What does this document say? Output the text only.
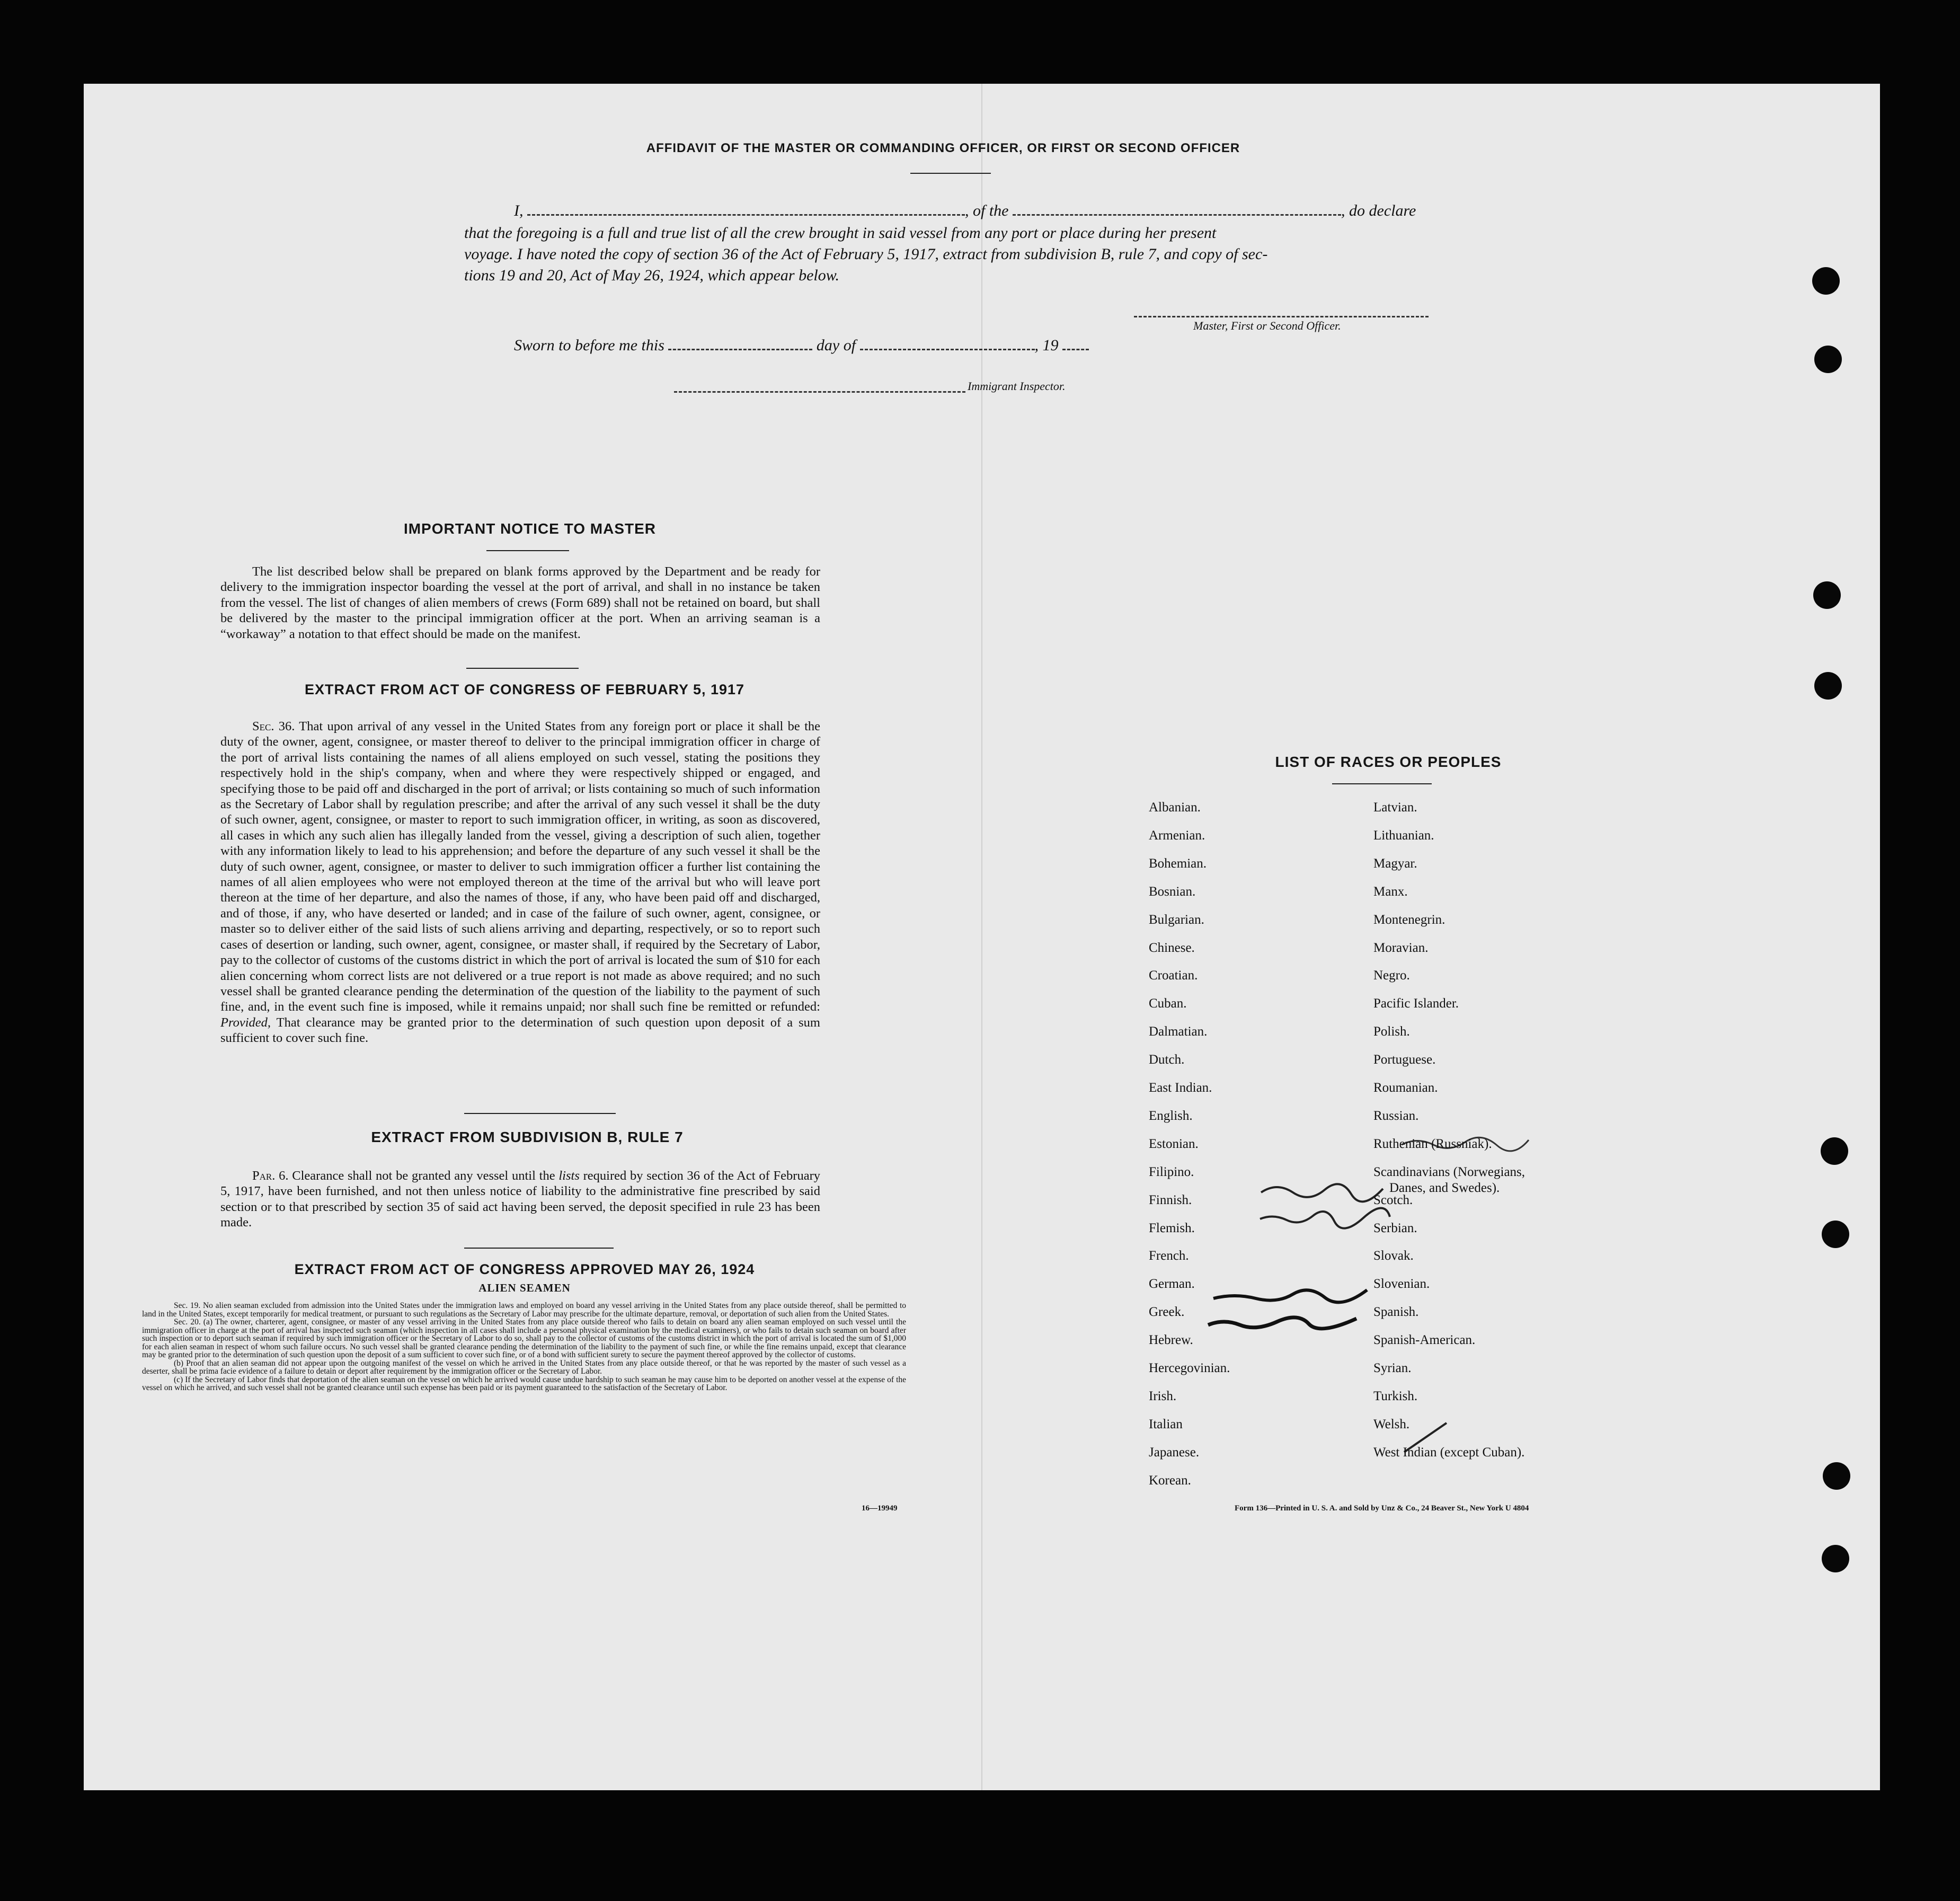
AFFIDAVIT OF THE MASTER OR COMMANDING OFFICER, OR FIRST OR SECOND OFFICER
I,	, of the	, do declare
that the foregoing is a full and true list of all the crew brought in said vessel from any port or place during her present
voyage. I have noted the copy of section 36 of the Act of February 5, 1917, extract from subdivision B, rule 7, and copy of sec-
tions 19 and 20, Act of May 26, 1924, which appear below.
Master, First or Second Officer.
Sworn to before me this	day of	, 19
Immigrant Inspector.
IMPORTANT NOTICE TO MASTER

The list described below shall be prepared on blank forms approved by the Department and be ready for delivery to the immigration inspector boarding the vessel at the port of arrival, and shall in no instance be taken from the vessel. The list of changes of alien members of crews (Form 689) shall not be retained on board, but shall be delivered by the master to the principal immigration officer at the port. When an arriving seaman is a “workaway” a notation to that effect should be made on the manifest.

EXTRACT FROM ACT OF CONGRESS OF FEBRUARY 5, 1917

Sec. 36. That upon arrival of any vessel in the United States from any foreign port or place it shall be the duty of the owner, agent, consignee, or master thereof to deliver to the principal immigration officer in charge of the port of arrival lists containing the names of all aliens employed on such vessel, stating the positions they respectively hold in the ship's company, when and where they were respectively shipped or engaged, and specifying those to be paid off and discharged in the port of arrival; or lists containing so much of such information as the Secretary of Labor shall by regulation prescribe; and after the arrival of any such vessel it shall be the duty of such owner, agent, consignee, or master to report to such immigration officer, in writing, as soon as discovered, all cases in which any such alien has illegally landed from the vessel, giving a description of such alien, together with any information likely to lead to his apprehension; and before the departure of any such vessel it shall be the duty of such owner, agent, consignee, or master to deliver to such immigration officer a further list containing the names of all alien employees who were not employed thereon at the time of the arrival but who will leave port thereon at the time of her departure, and also the names of those, if any, who have been paid off and discharged, and of those, if any, who have deserted or landed; and in case of the failure of such owner, agent, consignee, or master so to deliver either of the said lists of such aliens arriving and departing, respectively, or so to report such cases of desertion or landing, such owner, agent, consignee, or master shall, if required by the Secretary of Labor, pay to the collector of customs of the customs district in which the port of arrival is located the sum of $10 for each alien concerning whom correct lists are not delivered or a true report is not made as above required; and no such vessel shall be granted clearance pending the determination of the question of the liability to the payment of such fine, and, in the event such fine is imposed, while it remains unpaid; nor shall such fine be remitted or refunded: Provided, That clearance may be granted prior to the determination of such question upon deposit of a sum sufficient to cover such fine.

EXTRACT FROM SUBDIVISION B, RULE 7

Par. 6. Clearance shall not be granted any vessel until the lists required by section 36 of the Act of February 5, 1917, have been furnished, and not then unless notice of liability to the administrative fine prescribed by said section or to that prescribed by section 35 of said act having been served, the deposit specified in rule 23 has been made.

EXTRACT FROM ACT OF CONGRESS APPROVED MAY 26, 1924
ALIEN SEAMEN

Sec. 19. No alien seaman excluded from admission into the United States under the immigration laws and employed on board any vessel arriving in the United States from any place outside thereof, shall be permitted to land in the United States, except temporarily for medical treatment, or pursuant to such regulations as the Secretary of Labor may prescribe for the ultimate departure, removal, or deportation of such alien from the United States.

Sec. 20. (a) The owner, charterer, agent, consignee, or master of any vessel arriving in the United States from any place outside thereof who fails to detain on board any alien seaman employed on such vessel until the immigration officer in charge at the port of arrival has inspected such seaman (which inspection in all cases shall include a personal physical examination by the medical examiners), or who fails to detain such seaman on board after such inspection or to deport such seaman if required by such immigration officer or the Secretary of Labor to do so, shall pay to the collector of customs of the customs district in which the port of arrival is located the sum of $1,000 for each alien seaman in respect of whom such failure occurs. No such vessel shall be granted clearance pending the determination of the liability to the payment of such fine, or while the fine remains unpaid, except that clearance may be granted prior to the determination of such question upon the deposit of a sum sufficient to cover such fine, or of a bond with sufficient surety to secure the payment thereof approved by the collector of customs.

(b) Proof that an alien seaman did not appear upon the outgoing manifest of the vessel on which he arrived in the United States from any place outside thereof, or that he was reported by the master of such vessel as a deserter, shall be prima facie evidence of a failure to detain or deport after requirement by the immigration officer or the Secretary of Labor.

(c) If the Secretary of Labor finds that deportation of the alien seaman on the vessel on which he arrived would cause undue hardship to such seaman he may cause him to be deported on another vessel at the expense of the vessel on which he arrived, and such vessel shall not be granted clearance until such expense has been paid or its payment guaranteed to the satisfaction of the Secretary of Labor.

16—19949
LIST OF RACES OR PEOPLES
Form 136—Printed in U. S. A. and Sold by Unz & Co., 24 Beaver St., New York U 4804
Albanian.
Armenian.
Bohemian.
Bosnian.
Bulgarian.
Chinese.
Croatian.
Cuban.
Dalmatian.
Dutch.
East Indian.
English.
Estonian.
Filipino.
Finnish.
Flemish.
French.
German.
Greek.
Hebrew.
Hercegovinian.
Irish.
Italian
Japanese.
Korean.
Latvian.
Lithuanian.
Magyar.
Manx.
Montenegrin.
Moravian.
Negro.
Pacific Islander.
Polish.
Portuguese.
Roumanian.
Russian.
Ruthenian (Russniak).
Scandinavians (Norwegians,
Danes, and Swedes).
Scotch.
Serbian.
Slovak.
Slovenian.
Spanish.
Spanish-American.
Syrian.
Turkish.
Welsh.
West Indian (except Cuban).
